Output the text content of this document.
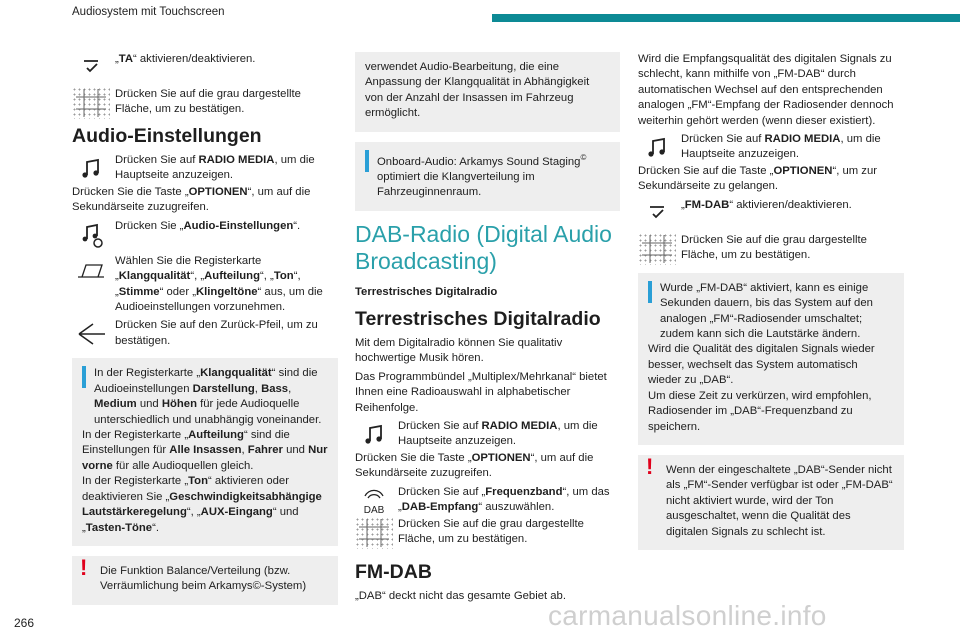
Audiosystem mit Touchscreen
„TA“ aktivieren/deaktivieren.
Drücken Sie auf die grau dargestellte Fläche, um zu bestätigen.
Audio-Einstellungen
Drücken Sie auf RADIO MEDIA, um die Hauptseite anzuzeigen.

Drücken Sie die Taste „OPTIONEN“, um auf die Sekundärseite zuzugreifen.

Drücken Sie „Audio-Einstellungen“.
Wählen Sie die Registerkarte „Klangqualität“, „Aufteilung“, „Ton“, „Stimme“ oder „Klingeltöne“ aus, um die Audioeinstellungen vorzunehmen.
Drücken Sie auf den Zurück-Pfeil, um zu bestätigen.
In der Registerkarte „Klangqualität“ sind die Audioeinstellungen Darstellung, Bass, Medium und Höhen für jede Audioquelle unterschiedlich und unabhängig voneinander.
In der Registerkarte „Aufteilung“ sind die Einstellungen für Alle Insassen, Fahrer und Nur vorne für alle Audioquellen gleich.
In der Registerkarte „Ton“ aktivieren oder deaktivieren Sie „Geschwindigkeitsabhängige Lautstärkeregelung“, „AUX-Eingang“ und „Tasten-Töne“.
!	Die Funktion Balance/Verteilung (bzw. Verräumlichung beim Arkamys©-System)
verwendet Audio-Bearbeitung, die eine Anpassung der Klangqualität in Abhängigkeit von der Anzahl der Insassen im Fahrzeug ermöglicht.
Onboard-Audio: Arkamys Sound Staging© optimiert die Klangverteilung im Fahrzeuginnenraum.
DAB-Radio (Digital Audio Broadcasting)
Terrestrisches Digitalradio
Terrestrisches Digitalradio

Mit dem Digitalradio können Sie qualitativ hochwertige Musik hören.

Das Programmbündel „Multiplex/Mehrkanal“ bietet Ihnen eine Radioauswahl in alphabetischer Reihenfolge.

Drücken Sie auf RADIO MEDIA, um die Hauptseite anzuzeigen.

Drücken Sie die Taste „OPTIONEN“, um auf die Sekundärseite zuzugreifen.

DAB
Drücken Sie auf „Frequenzband“, um das „DAB-Empfang“ auszuwählen.
Drücken Sie auf die grau dargestellte Fläche, um zu bestätigen.
FM-DAB

„DAB“ deckt nicht das gesamte Gebiet ab.

Wird die Empfangsqualität des digitalen Signals zu schlecht, kann mithilfe von „FM-DAB“ durch automatischen Wechsel auf den entsprechenden analogen „FM“-Empfang der Radiosender dennoch weiterhin gehört werden (wenn dieser existiert).

Drücken Sie auf RADIO MEDIA, um die Hauptseite anzuzeigen.

Drücken Sie auf die Taste „OPTIONEN“, um zur Sekundärseite zu gelangen.

„FM-DAB“ aktivieren/deaktivieren.
Drücken Sie auf die grau dargestellte Fläche, um zu bestätigen.
Wurde „FM-DAB“ aktiviert, kann es einige Sekunden dauern, bis das System auf den analogen „FM“-Radiosender umschaltet; zudem kann sich die Lautstärke ändern.
Wird die Qualität des digitalen Signals wieder besser, wechselt das System automatisch wieder zu „DAB“.
Um diese Zeit zu verkürzen, wird empfohlen, Radiosender im „DAB“-Frequenzband zu speichern.
!	Wenn der eingeschaltete „DAB“-Sender nicht als „FM“-Sender verfügbar ist oder „FM-DAB“ nicht aktiviert wurde, wird der Ton ausgeschaltet, wenn die Qualität des digitalen Signals zu schlecht ist.
266	carmanualsonline.info
